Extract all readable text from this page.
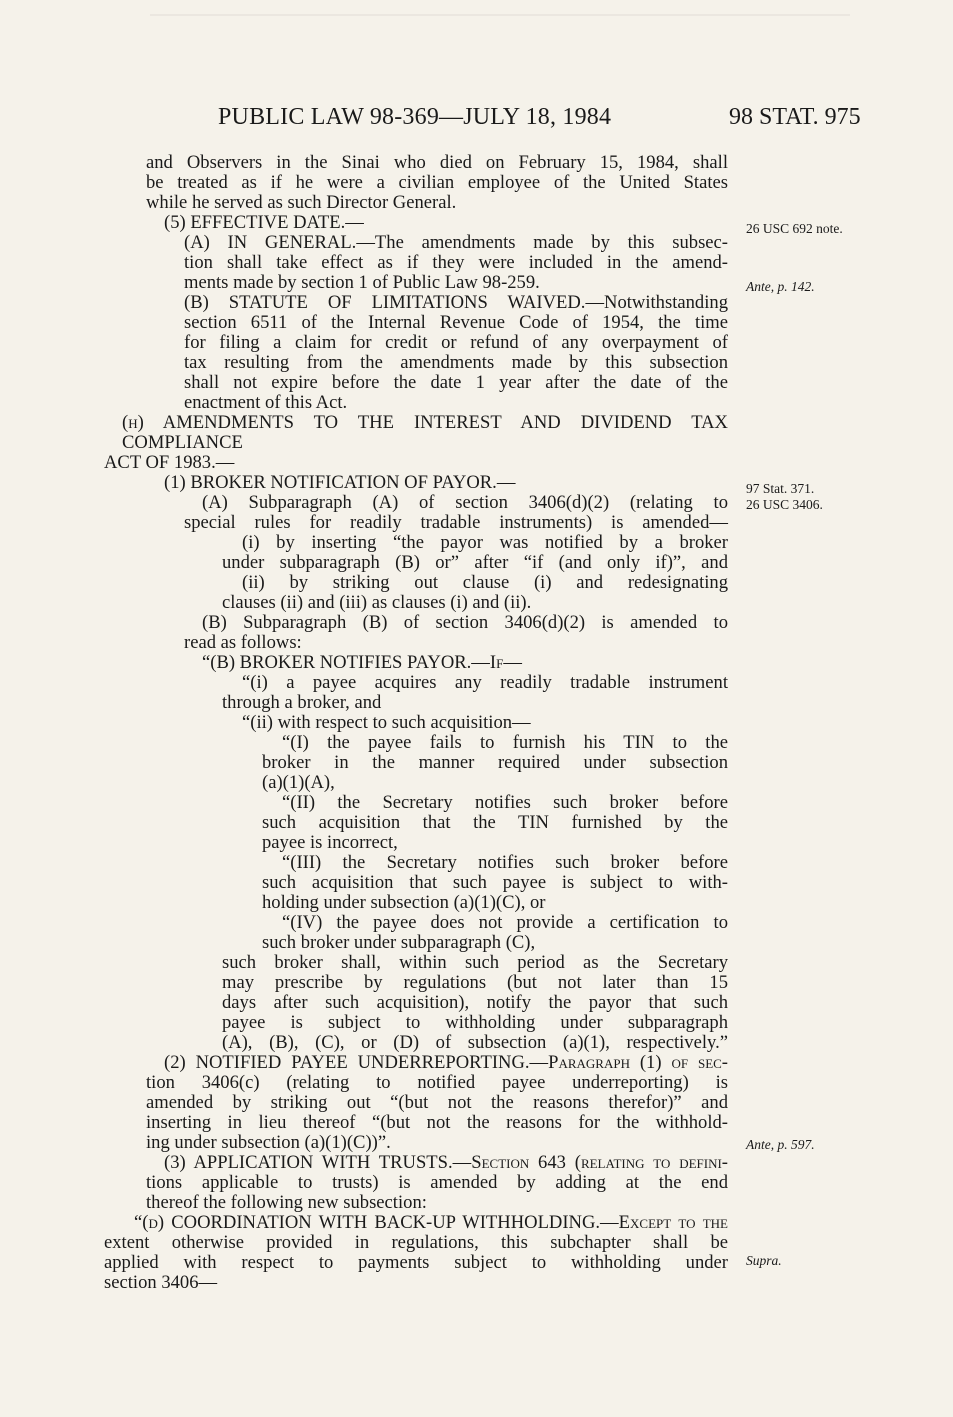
PUBLIC LAW 98-369—JULY 18, 1984	98 STAT. 975
and Observers in the Sinai who died on February 15, 1984, shall
be treated as if he were a civilian employee of the United States
while he served as such Director General.
(5) EFFECTIVE DATE.—
(A) IN GENERAL.—The amendments made by this subsec-
tion shall take effect as if they were included in the amend-
ments made by section 1 of Public Law 98-259.
(B) STATUTE OF LIMITATIONS WAIVED.—Notwithstanding
section 6511 of the Internal Revenue Code of 1954, the time
for filing a claim for credit or refund of any overpayment of
tax resulting from the amendments made by this subsection
shall not expire before the date 1 year after the date of the
enactment of this Act.
(h) AMENDMENTS TO THE INTEREST AND DIVIDEND TAX COMPLIANCE
ACT OF 1983.—
(1) BROKER NOTIFICATION OF PAYOR.—
(A) Subparagraph (A) of section 3406(d)(2) (relating to
special rules for readily tradable instruments) is amended—
(i) by inserting “the payor was notified by a broker
under subparagraph (B) or” after “if (and only if)”, and
(ii) by striking out clause (i) and redesignating
clauses (ii) and (iii) as clauses (i) and (ii).
(B) Subparagraph (B) of section 3406(d)(2) is amended to
read as follows:
“(B) BROKER NOTIFIES PAYOR.—If—
“(i) a payee acquires any readily tradable instrument
through a broker, and
“(ii) with respect to such acquisition—
“(I) the payee fails to furnish his TIN to the
broker in the manner required under subsection
(a)(1)(A),
“(II) the Secretary notifies such broker before
such acquisition that the TIN furnished by the
payee is incorrect,
“(III) the Secretary notifies such broker before
such acquisition that such payee is subject to with-
holding under subsection (a)(1)(C), or
“(IV) the payee does not provide a certification to
such broker under subparagraph (C),
such broker shall, within such period as the Secretary
may prescribe by regulations (but not later than 15
days after such acquisition), notify the payor that such
payee is subject to withholding under subparagraph
(A), (B), (C), or (D) of subsection (a)(1), respectively.”
(2) NOTIFIED PAYEE UNDERREPORTING.—Paragraph (1) of sec-
tion 3406(c) (relating to notified payee underreporting) is
amended by striking out “(but not the reasons therefor)” and
inserting in lieu thereof “(but not the reasons for the withhold-
ing under subsection (a)(1)(C))”.
(3) APPLICATION WITH TRUSTS.—Section 643 (relating to defini-
tions applicable to trusts) is amended by adding at the end
thereof the following new subsection:
“(d) COORDINATION WITH BACK-UP WITHHOLDING.—Except to the
extent otherwise provided in regulations, this subchapter shall be
applied with respect to payments subject to withholding under
section 3406—
26 USC 692 note.
Ante, p. 142.
97 Stat. 371.
26 USC 3406.
Ante, p. 597.
Supra.
